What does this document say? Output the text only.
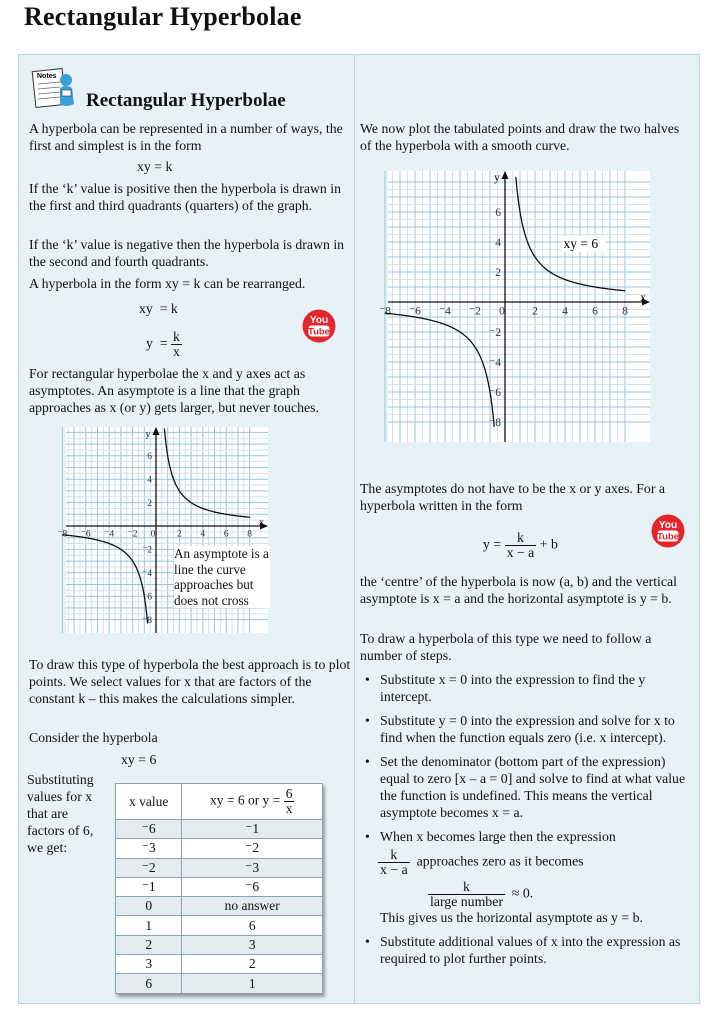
Rectangular Hyperbolae
Notes
Rectangular Hyperbolae
A hyperbola can be represented in a number of ways, the first and simplest is in the form
xy = k
If the ‘k’ value is positive then the hyperbola is drawn in the first and third quadrants (quarters) of the graph.
If the ‘k’ value is negative then the hyperbola is drawn in the second and fourth quadrants.
A hyperbola in the form xy = k can be rearranged.
xy = k
$y = \frac{k}{x}$
You
Tube
For rectangular hyperbolae the x and y axes act as asymptotes. An asymptote is a line that the graph approaches as x (or y) gets larger, but never touches.
x
y
⁻8 ⁻6 ⁻4 ⁻2 0 2 4 6 8
6
4
2
⁻2
⁻4
⁻6
⁻8
An asymptote is a line the curve approaches but does not cross
To draw this type of hyperbola the best approach is to plot points. We select values for x that are factors of the constant k – this makes the calculations simpler.
Consider the hyperbola
xy = 6
Substituting values for x that are factors of 6, we get:
x value	xy = 6 or $y = \frac{6}{x}$

⁻6	⁻1
⁻3	⁻2
⁻2	⁻3
⁻1	⁻6
0	no answer
1	6
2	3
3	2
6	1
We now plot the tabulated points and draw the two halves of the hyperbola with a smooth curve.
x
y
⁻8 ⁻6 ⁻4 ⁻2 0 2 4 6 8
6
4
2
⁻2
⁻4
⁻6
⁻8
xy = 6
The asymptotes do not have to be the x or y axes. For a hyperbola written in the form
$y = \frac{k}{x - a} + b$
You
Tube
the ‘centre’ of the hyperbola is now (a, b) and the vertical asymptote is x = a and the horizontal asymptote is y = b.
To draw a hyperbola of this type we need to follow a number of steps.
• Substitute x = 0 into the expression to find the y intercept.
• Substitute y = 0 into the expression and solve for x to find when the function equals zero (i.e. x intercept).
• Set the denominator (bottom part of the expression) equal to zero [x – a = 0] and solve to find at what value the function is undefined. This means the vertical asymptote becomes x = a.
• When x becomes large then the expression

$\frac{k}{x - a}$ approaches zero as it becomes

$\frac{k}{\text{large number}} \approx 0$.
This gives us the horizontal asymptote as y = b.
• Substitute additional values of x into the expression as required to plot further points.
